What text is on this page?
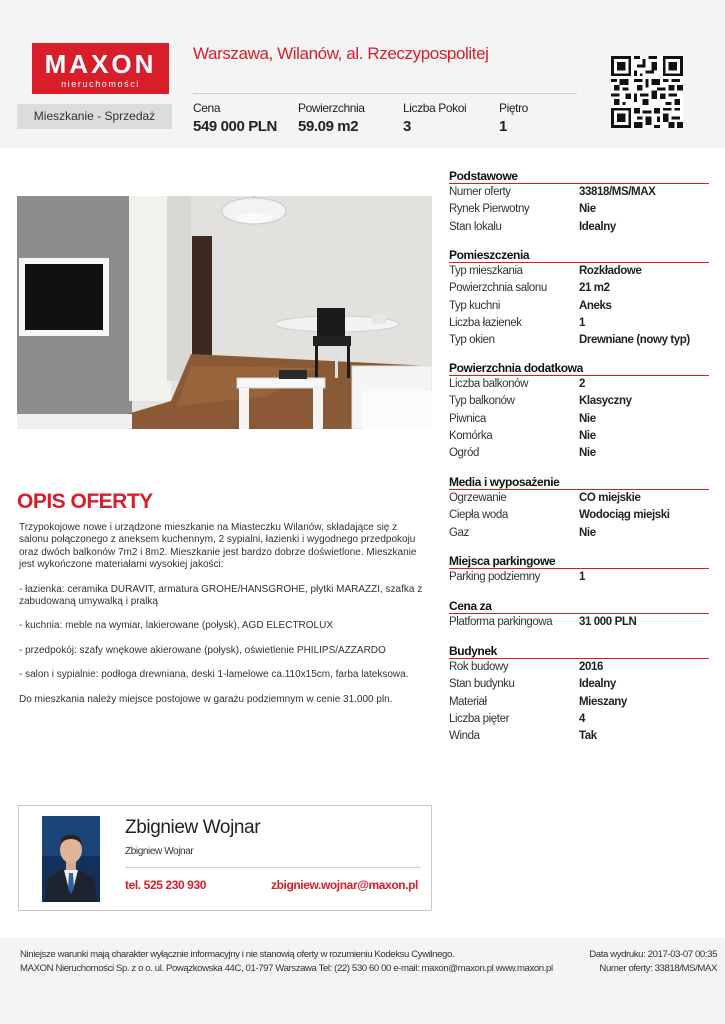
MAXON
nieruchomości
Warszawa, Wilanów, al. Rzeczypospolitej
Mieszkanie - Sprzedaż
Cena
549 000 PLN
Powierzchnia
59.09 m2
Liczba Pokoi
3
Piętro
1
OPIS OFERTY

Trzypokojowe nowe i urządzone mieszkanie na Miasteczku Wilanów, składające się z salonu połączonego z aneksem kuchennym, 2 sypialni, łazienki i wygodnego przedpokoju oraz dwóch balkonów 7m2 i 8m2. Mieszkanie jest bardzo dobrze doświetlone. Mieszkanie jest wykończone materiałami wysokiej jakości:

- łazienka: ceramika DURAVIT, armatura GROHE/HANSGROHE, płytki MARAZZI, szafka z zabudowaną umywalką i pralką

- kuchnia: meble na wymiar, lakierowane (połysk), AGD ELECTROLUX

- przedpokój: szafy wnękowe akierowane (połysk), oświetlenie PHILIPS/AZZARDO

- salon i sypialnie: podłoga drewniana, deski 1-lamelowe ca.110x15cm, farba lateksowa.

Do mieszkania należy miejsce postojowe w garażu podziemnym w cenie 31.000 pln.

Podstawowe
Numer oferty	33818/MS/MAX
Rynek Pierwotny	Nie
Stan lokalu	Idealny
Pomieszczenia
Typ mieszkania	Rozkładowe
Powierzchnia salonu	21 m2
Typ kuchni	Aneks
Liczba łazienek	1
Typ okien	Drewniane (nowy typ)
Powierzchnia dodatkowa
Liczba balkonów	2
Typ balkonów	Klasyczny
Piwnica	Nie
Komórka	Nie
Ogród	Nie
Media i wyposażenie
Ogrzewanie	CO miejskie
Ciepła woda	Wodociąg miejski
Gaz	Nie
Miejsca parkingowe
Parking podziemny	1
Cena za
Platforma parkingowa 31 000 PLN
Budynek
Rok budowy	2016
Stan budynku	Idealny
Materiał	Mieszany
Liczba pięter	4
Winda	Tak
Zbigniew Wojnar
Zbigniew Wojnar
tel. 525 230 930	zbigniew.wojnar@maxon.pl
Niniejsze warunki mają charakter wyłącznie informacyjny i nie stanowią oferty w rozumieniu Kodeksu Cywilnego.
MAXON Nieruchomości Sp. z o o. ul. Powązkowska 44C, 01-797 Warszawa Tel: (22) 530 60 00 e-mail: maxon@maxon.pl www.maxon.pl
Data wydruku: 2017-03-07 00:35
Numer oferty: 33818/MS/MAX
